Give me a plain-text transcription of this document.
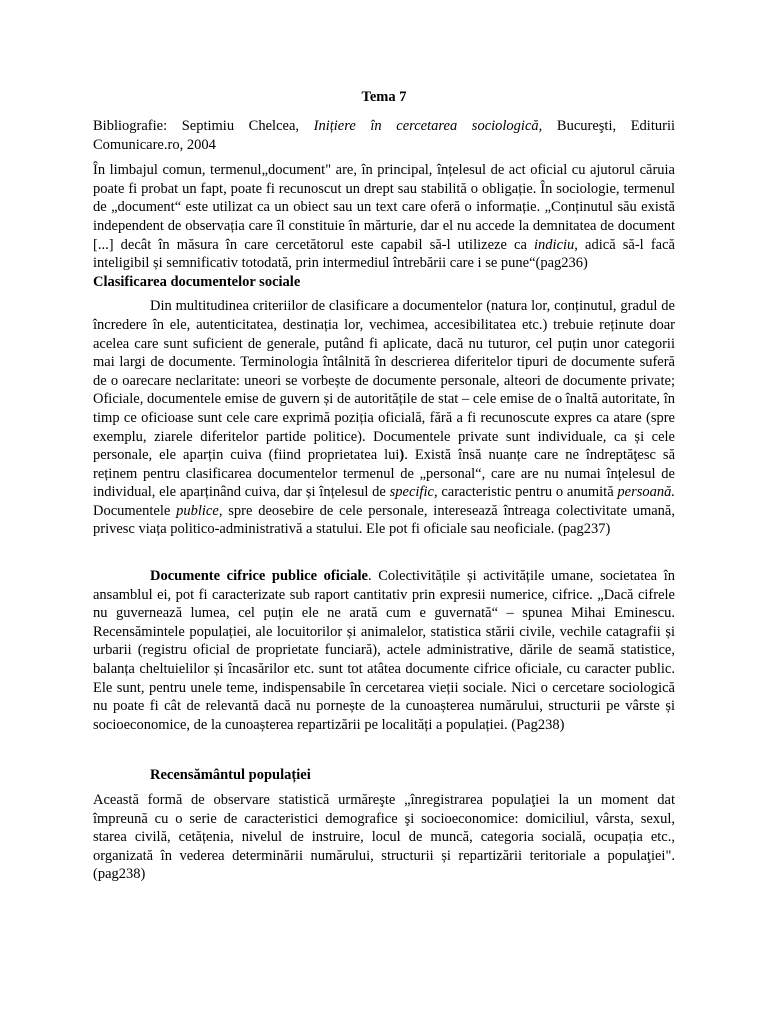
Tema 7

Bibliografie: Septimiu Chelcea, Inițiere în cercetarea sociologică, Bucureşti, Editurii Comunicare.ro, 2004

În limbajul comun, termenul„document" are, în principal, înțelesul de act oficial cu ajutorul căruia poate fi probat un fapt, poate fi recunoscut un drept sau stabilită o obligație. În sociologie, termenul de „document“ este utilizat ca un obiect sau un text care oferă o informație. „Conținutul său există independent de observația care îl constituie în mărturie, dar el nu accede la demnitatea de document [...] decât în măsura în care cercetătorul este capabil să-l utilizeze ca indiciu, adică să-l facă inteligibil și semnificativ totodată, prin intermediul întrebării care i se pune“(pag236)

Clasificarea documentelor sociale

Din multitudinea criteriilor de clasificare a documentelor (natura lor, conținutul, gradul de încredere în ele, autenticitatea, destinația lor, vechimea, accesibilitatea etc.) trebuie reținute doar acelea care sunt suficient de generale, putând fi aplicate, dacă nu tuturor, cel puțin unor categorii mai largi de documente. Terminologia întâlnită în descrierea diferitelor tipuri de documente suferă de o oarecare neclaritate: uneori se vorbește de documente personale, alteori de documente private; Oficiale, documentele emise de guvern și de autoritățile de stat – cele emise de o înaltă autoritate, în timp ce oficioase sunt cele care exprimă poziția oficială, fără a fi recunoscute expres ca atare (spre exemplu, ziarele diferitelor partide politice). Documentele private sunt individuale, ca și cele personale, ele aparțin cuiva (fiind proprietatea lui). Există însă nuanțe care ne îndreptăţesc să reținem pentru clasificarea documentelor termenul de „personal“, care are nu numai înțelesul de individual, ele aparținând cuiva, dar și înțelesul de specific, caracteristic pentru o anumită persoană. Documentele publice, spre deosebire de cele personale, interesează întreaga colectivitate umană, privesc viața politico-administrativă a statului. Ele pot fi oficiale sau neoficiale. (pag237)

Documente cifrice publice oficiale. Colectivitățile și activitățile umane, societatea în ansamblul ei, pot fi caracterizate sub raport cantitativ prin expresii numerice, cifrice. „Dacă cifrele nu guvernează lumea, cel puțin ele ne arată cum e guvernată“ – spunea Mihai Eminescu. Recensămintele populației, ale locuitorilor și animalelor, statistica stării civile, vechile catagrafii și urbarii (registru oficial de proprietate funciară), actele administrative, dările de seamă statistice, balanța cheltuielilor și încasărilor etc. sunt tot atâtea documente cifrice oficiale, cu caracter public. Ele sunt, pentru unele teme, indispensabile în cercetarea vieții sociale. Nici o cercetare sociologică nu poate fi cât de relevantă dacă nu pornește de la cunoașterea numărului, structurii pe vârste și socioeconomice, de la cunoașterea repartizării pe localități a populației. (Pag238)

Recensământul populației

Această formă de observare statistică urmăreşte „înregistrarea populaţiei la un moment dat împreună cu o serie de caracteristici demografice şi socioeconomice: domiciliul, vârsta, sexul, starea civilă, cetățenia, nivelul de instruire, locul de muncă, categoria socială, ocupația etc., organizată în vederea determinării numărului, structurii și repartizării teritoriale a populaţiei".(pag238)
